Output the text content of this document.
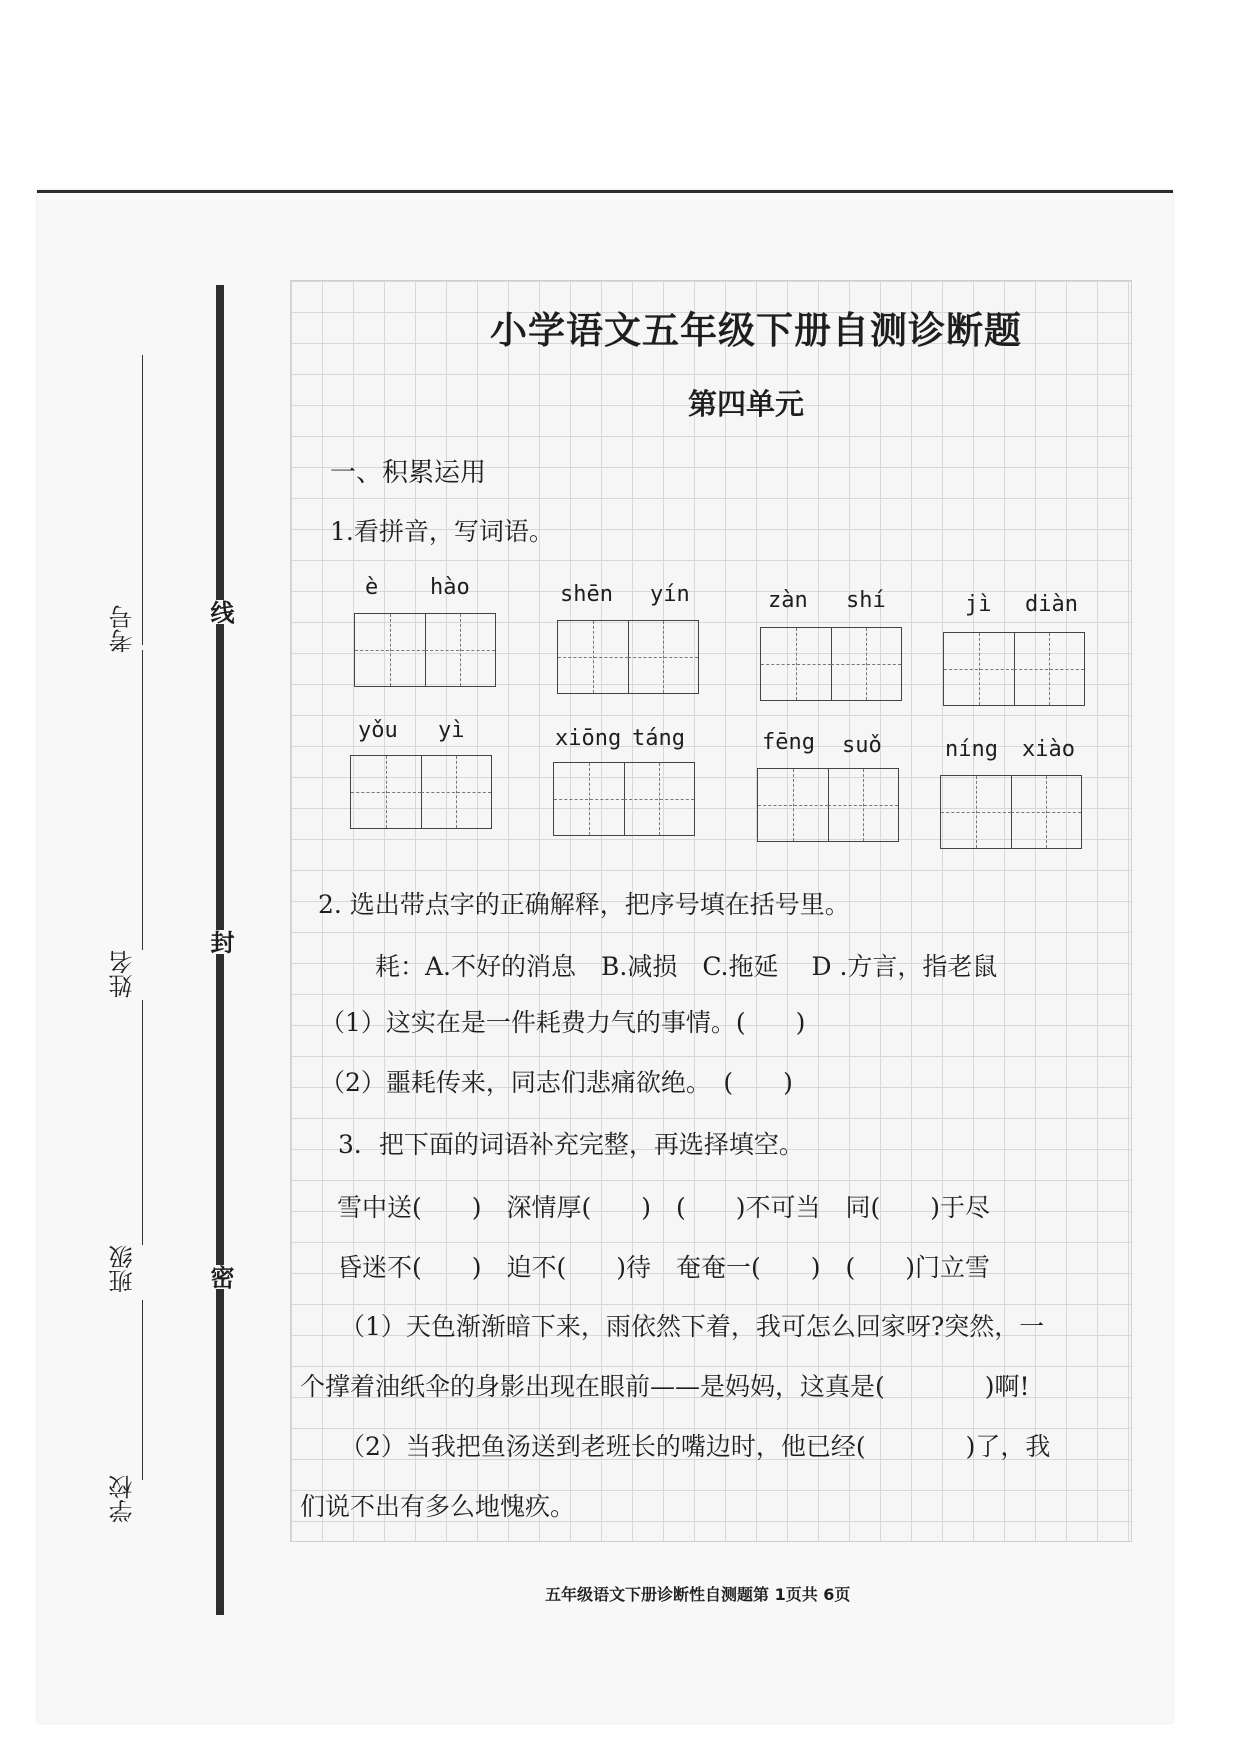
线
封
密
考号
姓名
班级
学校
小学语文五年级下册自测诊断题
第四单元
一、积累运用
1.看拼音，写词语。
è hào	shēn yín	zàn shí	jì diàn
yǒu yì	xiōng táng	fēng suǒ	níng xiào
2. 选出带点字的正确解释，把序号填在括号里。
耗：A.不好的消息　B.减损　C.拖延　 D .方言，指老鼠
（1）这实在是一件耗费力气的事情。(　　)
（2）噩耗传来，同志们悲痛欲绝。　(　　)
3．把下面的词语补充完整，再选择填空。
雪中送(　　)　深情厚(　　)　(　　)不可当　同(　　)于尽
昏迷不(　　)　迫不(　　)待　奄奄一(　　)　(　　)门立雪
（1）天色渐渐暗下来，雨依然下着，我可怎么回家呀?突然，一
个撑着油纸伞的身影出现在眼前——是妈妈，这真是(　　　　)啊!
（2）当我把鱼汤送到老班长的嘴边时，他已经(　　　　)了，我
们说不出有多么地愧疚。
五年级语文下册诊断性自测题第 1页共 6页
